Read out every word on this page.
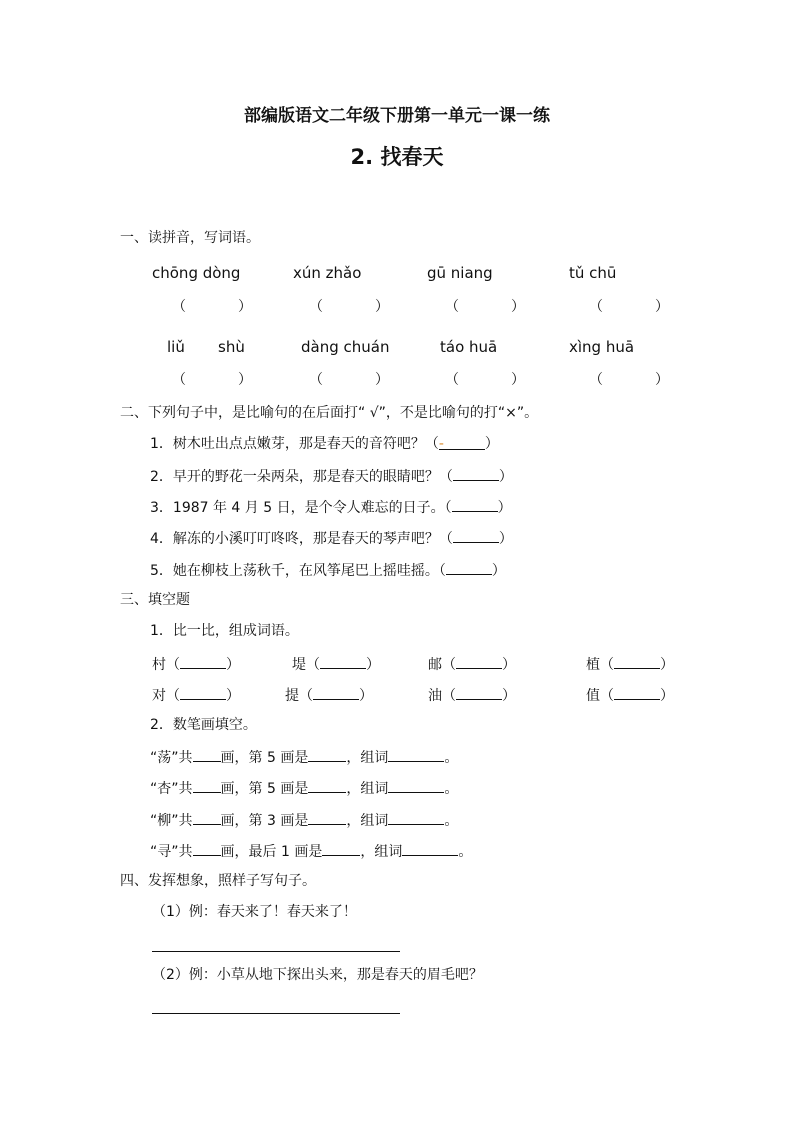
部编版语文二年级下册第一单元一课一练
2. 找春天
一、读拼音，写词语。
chōng dòng	xún zhǎo	gū niang	tǔ chū
（	）	（	）	（	）	（	）
liǔ shù	dàng chuán	táo huā	xìng huā
（	）	（	）	（	）	（	）
二、下列句子中，是比喻句的在后面打“ √”，不是比喻句的打“×”。
1．树木吐出点点嫩芽，那是春天的音符吧？（-	）
2．早开的野花一朵两朵，那是春天的眼睛吧？（	）
3．1987 年 4 月 5 日，是个令人难忘的日子。（	）
4．解冻的小溪叮叮咚咚，那是春天的琴声吧？（	）
5．她在柳枝上荡秋千，在风筝尾巴上摇哇摇。（	）
三、填空题
1．比一比，组成词语。
村（	）	堤（	）	邮（	）	植（	）
对（	）	提（	）	油（	）	值（	）
2．数笔画填空。
“荡”共 画，第 5 画是	，组词	。
“杏”共 画，第 5 画是	，组词	。
“柳”共 画，第 3 画是	，组词	。
“寻”共 画，最后 1 画是	，组词	。
四、发挥想象，照样子写句子。
（1）例：春天来了！春天来了！
（2）例：小草从地下探出头来，那是春天的眉毛吧？
